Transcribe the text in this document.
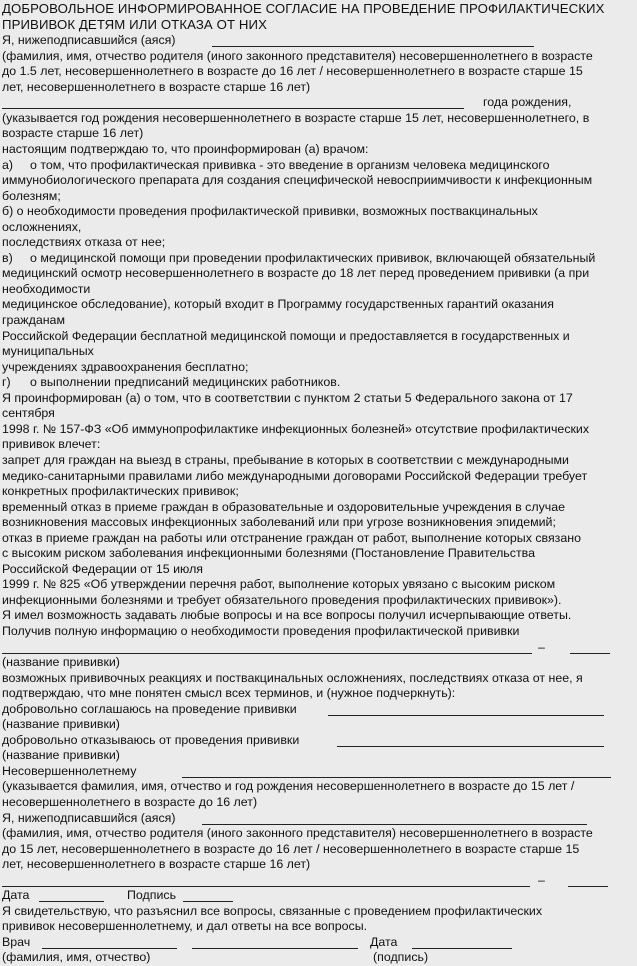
ДОБРОВОЛЬНОЕ ИНФОРМИРОВАННОЕ СОГЛАСИЕ НА ПРОВЕДЕНИЕ ПРОФИЛАКТИЧЕСКИХ
ПРИВИВОК ДЕТЯМ ИЛИ ОТКАЗА ОТ НИХ
Я, нижеподписавшийся (аяся)
(фамилия, имя, отчество родителя (иного законного представителя) несовершеннолетнего в возрасте
до 1.5 лет, несовершеннолетнего в возрасте до 16 лет / несовершеннолетнего в возрасте старше 15
лет, несовершеннолетнего в возрасте старше 16 лет)
года рождения,
(указывается год рождения несовершеннолетнего в возрасте старше 15 лет, несовершеннолетнего, в
возрасте старше 16 лет)
настоящим подтверждаю то, что проинформирован (а) врачом:
а) о том, что профилактическая прививка - это введение в организм человека медицинского
иммунобиологического препарата для создания специфической невосприимчивости к инфекционным
болезням;
б) о необходимости проведения профилактической прививки, возможных поствакцинальных
осложнениях,
последствиях отказа от нее;
в) о медицинской помощи при проведении профилактических прививок, включающей обязательный
медицинский осмотр несовершеннолетнего в возрасте до 18 лет перед проведением прививки (а при
необходимости
медицинское обследование), который входит в Программу государственных гарантий оказания
гражданам
Российской Федерации бесплатной медицинской помощи и предоставляется в государственных и
муниципальных
учреждениях здравоохранения бесплатно;
г) о выполнении предписаний медицинских работников.
Я проинформирован (а) о том, что в соответствии с пунктом 2 статьи 5 Федерального закона от 17
сентября
1998 г. № 157-ФЗ «Об иммунопрофилактике инфекционных болезней» отсутствие профилактических
прививок влечет:
запрет для граждан на выезд в страны, пребывание в которых в соответствии с международными
медико-санитарными правилами либо международными договорами Российской Федерации требует
конкретных профилактических прививок;
временный отказ в приеме граждан в образовательные и оздоровительные учреждения в случае
возникновения массовых инфекционных заболеваний или при угрозе возникновения эпидемий;
отказ в приеме граждан на работы или отстранение граждан от работ, выполнение которых связано
с высоким риском заболевания инфекционными болезнями (Постановление Правительства
Российской Федерации от 15 июля
1999 г. № 825 «Об утверждении перечня работ, выполнение которых увязано с высоким риском
инфекционными болезнями и требует обязательного проведения профилактических прививок»).
Я имел возможность задавать любые вопросы и на все вопросы получил исчерпывающие ответы.
Получив полную информацию о необходимости проведения профилактической прививки
–
(название прививки)
возможных прививочных реакциях и поствакцинальных осложнениях, последствиях отказа от нее, я
подтверждаю, что мне понятен смысл всех терминов, и (нужное подчеркнуть):
добровольно соглашаюсь на проведение прививки
(название прививки)
добровольно отказываюсь от проведения прививки
(название прививки)
Несовершеннолетнему
(указывается фамилия, имя, отчество и год рождения несовершеннолетнего в возрасте до 15 лет /
несовершеннолетнего в возрасте до 16 лет)
Я, нижеподписавшийся (аяся)
(фамилия, имя, отчество родителя (иного законного представителя) несовершеннолетнего в возрасте
до 15 лет, несовершеннолетнего в возрасте до 16 лет / несовершеннолетнего в возрасте старше 15
лет, несовершеннолетнего в возрасте старше 16 лет)
–
Дата	Подпись
Я свидетельствую, что разъяснил все вопросы, связанные с проведением профилактических
прививок несовершеннолетнему, и дал ответы на все вопросы.
Врач	Дата
(фамилия, имя, отчество)	(подпись)
